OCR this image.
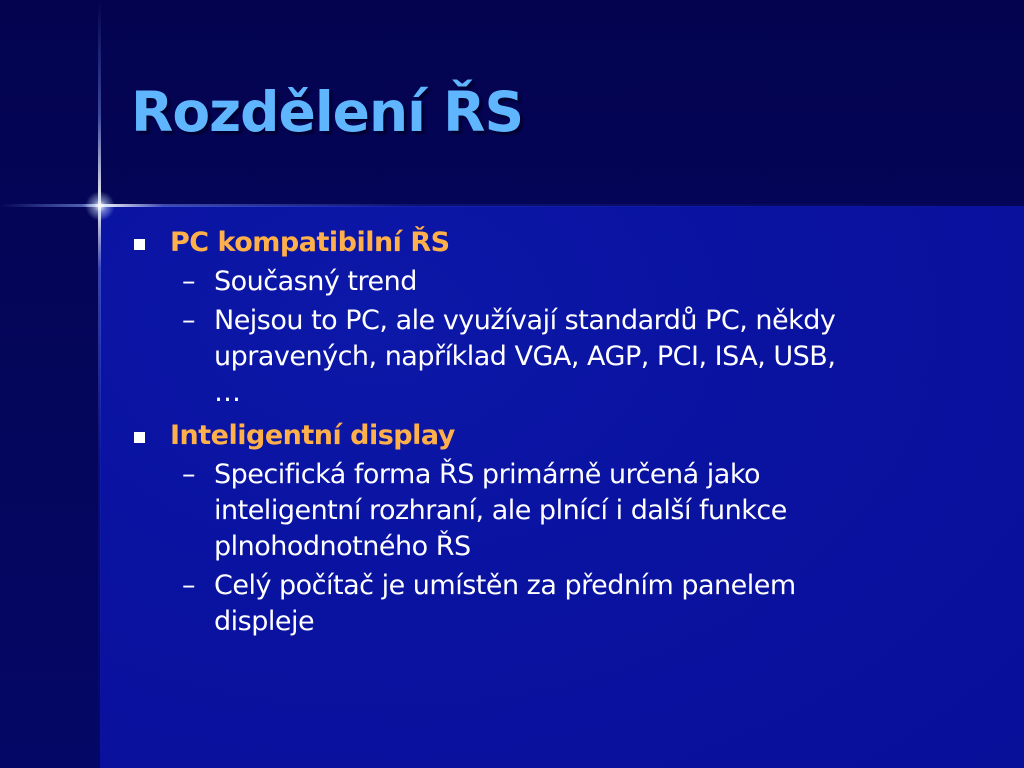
Rozdělení ŘS
PC kompatibilní ŘS
– Současný trend
– Nejsou to PC, ale využívají standardů PC, někdy
upravených, například VGA, AGP, PCI, ISA, USB,
…
Inteligentní display
– Specifická forma ŘS primárně určená jako
inteligentní rozhraní, ale plnící i další funkce
plnohodnotného ŘS
– Celý počítač je umístěn za předním panelem
displeje
